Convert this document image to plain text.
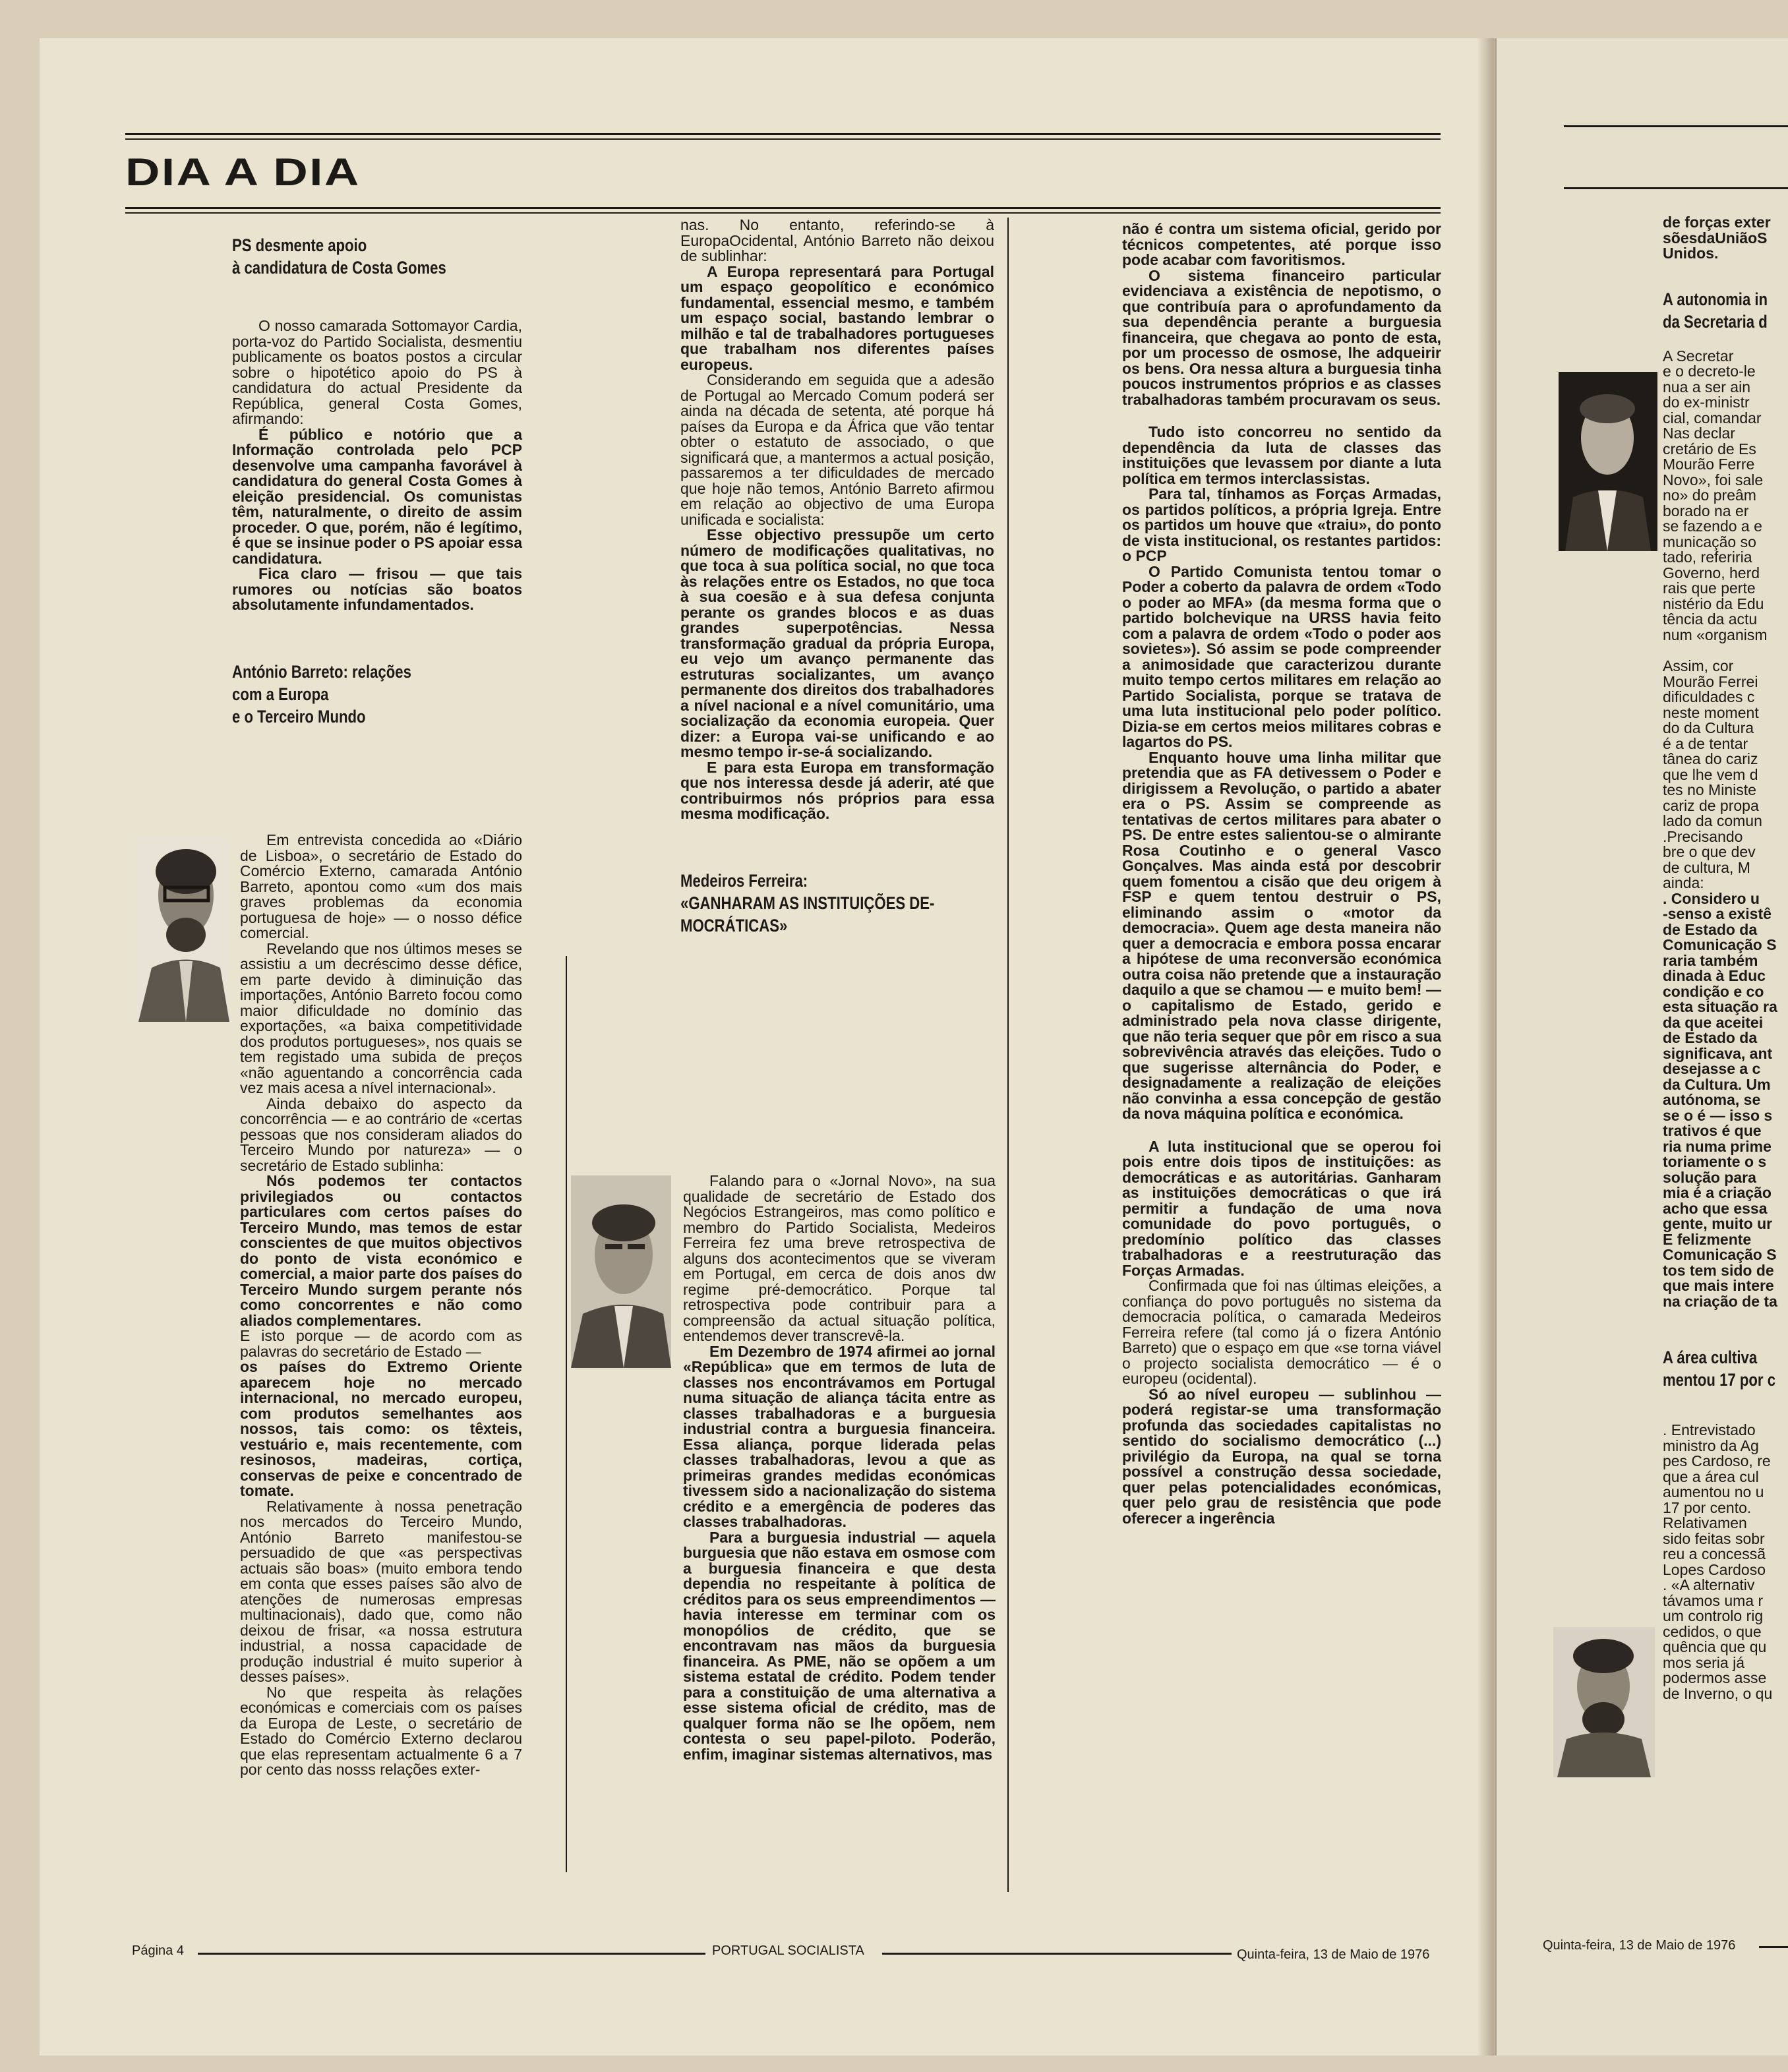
DIA A DIA
PS desmente apoio
à candidatura de Costa Gomes

O nosso camarada Sottomayor Cardia, porta-voz do Partido Socialista, desmentiu publicamente os boatos postos a circular sobre o hipotético apoio do PS à candidatura do actual Presidente da República, general Costa Gomes, afirmando:

É público e notório que a Informação controlada pelo PCP desenvolve uma campanha favorável à candidatura do general Costa Gomes à eleição presidencial. Os comunistas têm, naturalmente, o direito de assim proceder. O que, porém, não é legítimo, é que se insinue poder o PS apoiar essa candidatura.

Fica claro — frisou — que tais rumores ou notícias são boatos absolutamente infundamentados.

António Barreto: relações
com a Europa
e o Terceiro Mundo

Em entrevista concedida ao «Diário de Lisboa», o secretário de Estado do Comércio Externo, camarada António Barreto, apontou como «um dos mais graves problemas da economia portuguesa de hoje» — o nosso défice comercial.

Revelando que nos últimos meses se assistiu a um decréscimo desse défice, em parte devido à diminuição das importações, António Barreto focou como maior dificuldade no domínio das exportações, «a baixa competitividade dos produtos portugueses», nos quais se tem registado uma subida de preços «não aguentando a concorrência cada vez mais acesa a nível internacional».

Ainda debaixo do aspecto da concorrência — e ao contrário de «certas pessoas que nos consideram aliados do Terceiro Mundo por natureza» — o secretário de Estado sublinha:

Nós podemos ter contactos privilegiados ou contactos particulares com certos países do Terceiro Mundo, mas temos de estar conscientes de que muitos objectivos do ponto de vista económico e comercial, a maior parte dos países do Terceiro Mundo surgem perante nós como concorrentes e não como aliados complementares.

E isto porque — de acordo com as palavras do secretário de Estado —

os países do Extremo Oriente aparecem hoje no mercado internacional, no mercado europeu, com produtos semelhantes aos nossos, tais como: os têxteis, vestuário e, mais recentemente, com resinosos, madeiras, cortiça, conservas de peixe e concentrado de tomate.

Relativamente à nossa penetração nos mercados do Terceiro Mundo, António Barreto manifestou-se persuadido de que «as perspectivas actuais são boas» (muito embora tendo em conta que esses países são alvo de atenções de numerosas empresas multinacionais), dado que, como não deixou de frisar, «a nossa estrutura industrial, a nossa capacidade de produção industrial é muito superior à desses países».

No que respeita às relações económicas e comerciais com os países da Europa de Leste, o secretário de Estado do Comércio Externo declarou que elas representam actualmente 6 a 7 por cento das nosss relações exter-

nas. No entanto, referindo-se à EuropaOcidental, António Barreto não deixou de sublinhar:

A Europa representará para Portugal um espaço geopolítico e económico fundamental, essencial mesmo, e também um espaço social, bastando lembrar o milhão e tal de trabalhadores portugueses que trabalham nos diferentes países europeus.

Considerando em seguida que a adesão de Portugal ao Mercado Comum poderá ser ainda na década de setenta, até porque há países da Europa e da África que vão tentar obter o estatuto de associado, o que significará que, a mantermos a actual posição, passaremos a ter dificuldades de mercado que hoje não temos, António Barreto afirmou em relação ao objectivo de uma Europa unificada e socialista:

Esse objectivo pressupõe um certo número de modificações qualitativas, no que toca à sua política social, no que toca às relações entre os Estados, no que toca à sua coesão e à sua defesa conjunta perante os grandes blocos e as duas grandes superpotências. Nessa transformação gradual da própria Europa, eu vejo um avanço permanente das estruturas socializantes, um avanço permanente dos direitos dos trabalhadores a nível nacional e a nível comunitário, uma socialização da economia europeia. Quer dizer: a Europa vai-se unificando e ao mesmo tempo ir-se-á socializando.

E para esta Europa em transformação que nos interessa desde já aderir, até que contribuirmos nós próprios para essa mesma modificação.

Medeiros Ferreira:
«GANHARAM AS INSTITUIÇÕES DE-
MOCRÁTICAS»

Falando para o «Jornal Novo», na sua qualidade de secretário de Estado dos Negócios Estrangeiros, mas como político e membro do Partido Socialista, Medeiros Ferreira fez uma breve retrospectiva de alguns dos acontecimentos que se viveram em Portugal, em cerca de dois anos dw regime pré-democrático. Porque tal retrospectiva pode contribuir para a compreensão da actual situação política, entendemos dever transcrevê-la.

Em Dezembro de 1974 afirmei ao jornal «República» que em termos de luta de classes nos encontrávamos em Portugal numa situação de aliança tácita entre as classes trabalhadoras e a burguesia industrial contra a burguesia financeira. Essa aliança, porque liderada pelas classes trabalhadoras, levou a que as primeiras grandes medidas económicas tivessem sido a nacionalização do sistema crédito e a emergência de poderes das classes trabalhadoras.

Para a burguesia industrial — aquela burguesia que não estava em osmose com a burguesia financeira e que desta dependia no respeitante à política de créditos para os seus empreendimentos — havia interesse em terminar com os monopólios de crédito, que se encontravam nas mãos da burguesia financeira. As PME, não se opõem a um sistema estatal de crédito. Podem tender para a constituição de uma alternativa a esse sistema oficial de crédito, mas de qualquer forma não se lhe opõem, nem contesta o seu papel-piloto. Poderão, enfim, imaginar sistemas alternativos, mas

não é contra um sistema oficial, gerido por técnicos competentes, até porque isso pode acabar com favoritismos.

O sistema financeiro particular evidenciava a existência de nepotismo, o que contribuía para o aprofundamento da sua dependência perante a burguesia financeira, que chegava ao ponto de esta, por um processo de osmose, lhe adqueirir os bens. Ora nessa altura a burguesia tinha poucos instrumentos próprios e as classes trabalhadoras também procuravam os seus.

Tudo isto concorreu no sentido da dependência da luta de classes das instituições que levassem por diante a luta política em termos interclassistas.

Para tal, tínhamos as Forças Armadas, os partidos políticos, a própria Igreja. Entre os partidos um houve que «traiu», do ponto de vista institucional, os restantes partidos: o PCP

O Partido Comunista tentou tomar o Poder a coberto da palavra de ordem «Todo o poder ao MFA» (da mesma forma que o partido bolchevique na URSS havia feito com a palavra de ordem «Todo o poder aos sovietes»). Só assim se pode compreender a animosidade que caracterizou durante muito tempo certos militares em relação ao Partido Socialista, porque se tratava de uma luta institucional pelo poder político. Dizia-se em certos meios militares cobras e lagartos do PS.

Enquanto houve uma linha militar que pretendia que as FA detivessem o Poder e dirigissem a Revolução, o partido a abater era o PS. Assim se compreende as tentativas de certos militares para abater o PS. De entre estes salientou-se o almirante Rosa Coutinho e o general Vasco Gonçalves. Mas ainda está por descobrir quem fomentou a cisão que deu origem à FSP e quem tentou destruir o PS, eliminando assim o «motor da democracia». Quem age desta maneira não quer a democracia e embora possa encarar a hipótese de uma reconversão económica outra coisa não pretende que a instauração daquilo a que se chamou — e muito bem! — o capitalismo de Estado, gerido e administrado pela nova classe dirigente, que não teria sequer que pôr em risco a sua sobrevivência através das eleições. Tudo o que sugerisse alternância do Poder, e designadamente a realização de eleições não convinha a essa concepção de gestão da nova máquina política e económica.

A luta institucional que se operou foi pois entre dois tipos de instituições: as democráticas e as autoritárias. Ganharam as instituições democráticas o que irá permitir a fundação de uma nova comunidade do povo português, o predomínio político das classes trabalhadoras e a reestruturação das Forças Armadas.

Confirmada que foi nas últimas eleições, a confiança do povo português no sistema da democracia política, o camarada Medeiros Ferreira refere (tal como já o fizera António Barreto) que o espaço em que «se torna viável o projecto socialista democrático — é o europeu (ocidental).

Só ao nível europeu — sublinhou — poderá registar-se uma transformação profunda das sociedades capitalistas no sentido do socialismo democrático (...) privilégio da Europa, na qual se torna possível a construção dessa sociedade, quer pelas potencialidades económicas, quer pelo grau de resistência que pode oferecer a ingerência

de forças exter

sõesdaUniãoS

Unidos.

A autonomia in
da Secretaria d

A Secretar

e o decreto-le

nua a ser ain

do ex-ministr

cial, comandar

Nas declar

cretário de Es

Mourão Ferre

Novo», foi sale

no» do preâm

borado na er

se fazendo a e

municação so

tado, referiria

Governo, herd

rais que perte

nistério da Edu

tência da actu

num «organism

Assim, cor

Mourão Ferrei

dificuldades c

neste moment

do da Cultura

é a de tentar

tânea do cariz

que lhe vem d

tes no Ministe

cariz de propa

lado da comun

.Precisando

bre o que dev

de cultura, M

ainda:

. Considero u

-senso a existê

de Estado da

Comunicação S

raria também

dinada à Educ

condição e co

esta situação ra

da que aceitei

de Estado da

significava, ant

desejasse a c

da Cultura. Um

autónoma, se

se o é — isso s

trativos é que

ria numa prime

toriamente o s

solução para

mia é a criação

acho que essa

gente, muito ur

E felizmente

Comunicação S

tos tem sido de

que mais intere

na criação de ta

A área cultiva
mentou 17 por c

. Entrevistado

ministro da Ag

pes Cardoso, re

que a área cul

aumentou no u

17 por cento.

Relativamen

sido feitas sobr

reu a concessã

Lopes Cardoso

. «A alternativ

távamos uma r

um controlo rig

cedidos, o que

quência que qu

mos seria já

podermos asse

de Inverno, o qu

Página 4	PORTUGAL SOCIALISTA	Quinta-feira, 13 de Maio de 1976
Quinta-feira, 13 de Maio de 1976
